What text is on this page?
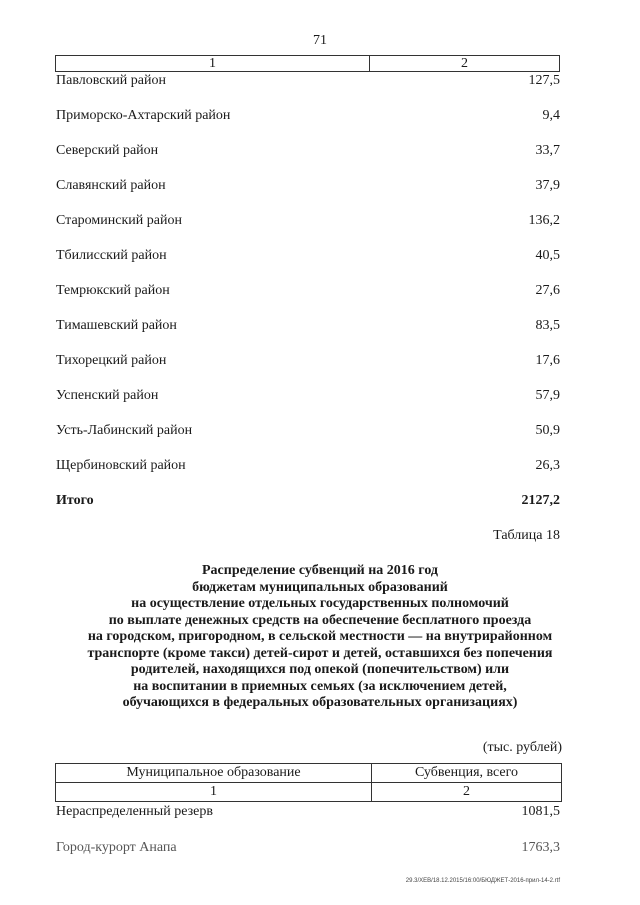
71
1	2
Павловский район	127,5
Приморско-Ахтарский район	9,4
Северский район	33,7
Славянский район	37,9
Староминский район	136,2
Тбилисский район	40,5
Темрюкский район	27,6
Тимашевский район	83,5
Тихорецкий район	17,6
Успенский район	57,9
Усть-Лабинский район	50,9
Щербиновский район	26,3
Итого	2127,2
Таблица 18
Распределение субвенций на 2016 год
бюджетам муниципальных образований
на осуществление отдельных государственных полномочий
по выплате денежных средств на обеспечение бесплатного проезда
на городском, пригородном, в сельской местности — на внутрирайонном
транспорте (кроме такси) детей-сирот и детей, оставшихся без попечения
родителей, находящихся под опекой (попечительством) или
на воспитании в приемных семьях (за исключением детей,
обучающихся в федеральных образовательных организациях)
(тыс. рублей)
Муниципальное образование	Субвенция, всего
1	2
Нераспределенный резерв	1081,5
Город-курорт Анапа	1763,3
29.3/ХЕВ/18.12.2015/16:00/БЮДЖЕТ-2016-прил-14-2.rtf
